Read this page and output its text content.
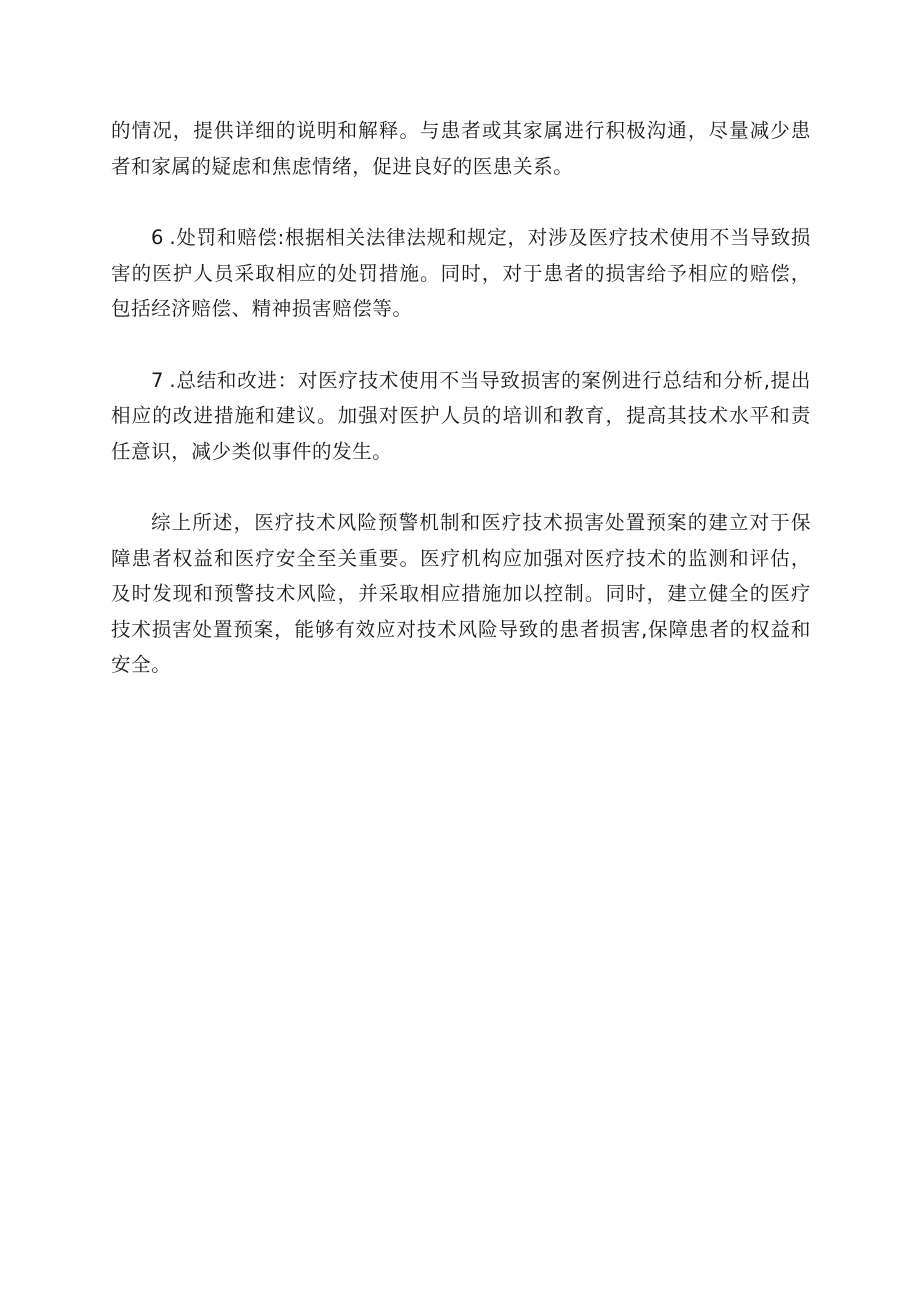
的情况，提供详细的说明和解释。与患者或其家属进行积极沟通，尽量减少患者和家属的疑虑和焦虑情绪，促进良好的医患关系。

6.处罚和赔偿:根据相关法律法规和规定，对涉及医疗技术使用不当导致损害的医护人员采取相应的处罚措施。同时，对于患者的损害给予相应的赔偿，包括经济赔偿、精神损害赔偿等。

7.总结和改进：对医疗技术使用不当导致损害的案例进行总结和分析,提出相应的改进措施和建议。加强对医护人员的培训和教育，提高其技术水平和责任意识，减少类似事件的发生。

综上所述，医疗技术风险预警机制和医疗技术损害处置预案的建立对于保障患者权益和医疗安全至关重要。医疗机构应加强对医疗技术的监测和评估，及时发现和预警技术风险，并采取相应措施加以控制。同时，建立健全的医疗技术损害处置预案，能够有效应对技术风险导致的患者损害,保障患者的权益和安全。
